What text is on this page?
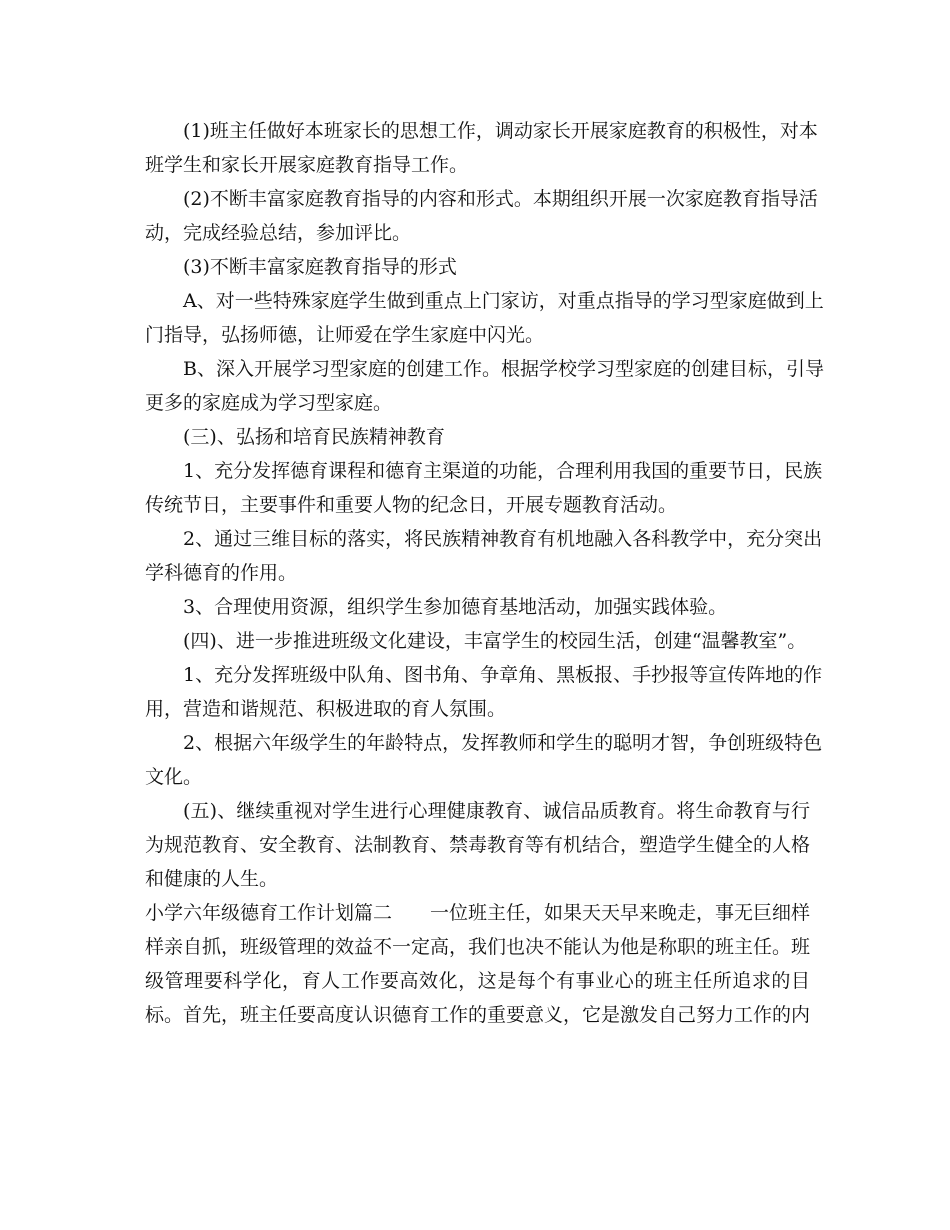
(1)班主任做好本班家长的思想工作，调动家长开展家庭教育的积极性，对本
班学生和家长开展家庭教育指导工作。
(2)不断丰富家庭教育指导的内容和形式。本期组织开展一次家庭教育指导活
动，完成经验总结，参加评比。
(3)不断丰富家庭教育指导的形式
A、对一些特殊家庭学生做到重点上门家访，对重点指导的学习型家庭做到上
门指导，弘扬师德，让师爱在学生家庭中闪光。
B、深入开展学习型家庭的创建工作。根据学校学习型家庭的创建目标，引导
更多的家庭成为学习型家庭。
(三)、弘扬和培育民族精神教育
1、充分发挥德育课程和德育主渠道的功能，合理利用我国的重要节日，民族
传统节日，主要事件和重要人物的纪念日，开展专题教育活动。
2、通过三维目标的落实，将民族精神教育有机地融入各科教学中，充分突出
学科德育的作用。
3、合理使用资源，组织学生参加德育基地活动，加强实践体验。
(四)、进一步推进班级文化建设，丰富学生的校园生活，创建“温馨教室”。
1、充分发挥班级中队角、图书角、争章角、黑板报、手抄报等宣传阵地的作
用，营造和谐规范、积极进取的育人氛围。
2、根据六年级学生的年龄特点，发挥教师和学生的聪明才智，争创班级特色
文化。
(五)、继续重视对学生进行心理健康教育、诚信品质教育。将生命教育与行
为规范教育、安全教育、法制教育、禁毒教育等有机结合，塑造学生健全的人格
和健康的人生。
小学六年级德育工作计划篇二　　一位班主任，如果天天早来晚走，事无巨细样
样亲自抓，班级管理的效益不一定高，我们也决不能认为他是称职的班主任。班
级管理要科学化，育人工作要高效化，这是每个有事业心的班主任所追求的目
标。首先，班主任要高度认识德育工作的重要意义，它是激发自己努力工作的内
